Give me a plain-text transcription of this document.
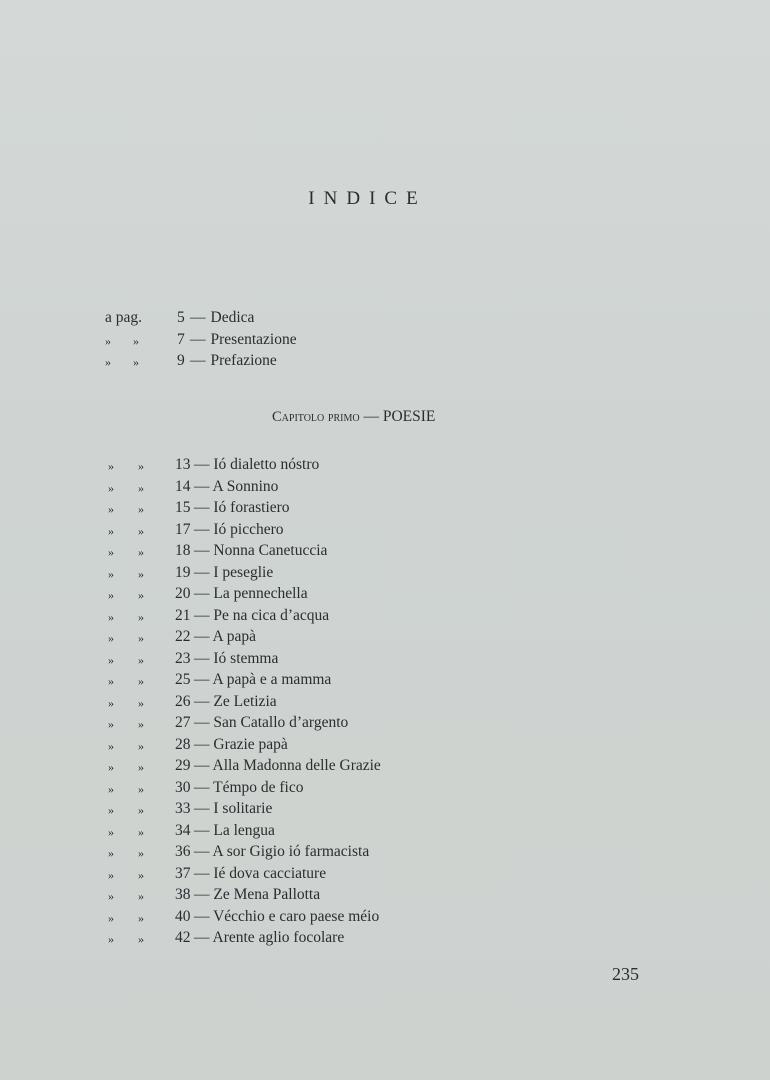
INDICE
a pag. 5 — Dedica
» » 7 — Presentazione
» » 9 — Prefazione
Capitolo primo — POESIE
» » 13 — Ió dialetto nóstro
» » 14 — A Sonnino
» » 15 — Ió forastiero
» » 17 — Ió picchero
» » 18 — Nonna Canetuccia
» » 19 — I peseglie
» » 20 — La pennechella
» » 21 — Pe na cica d’acqua
» » 22 — A papà
» » 23 — Ió stemma
» » 25 — A papà e a mamma
» » 26 — Ze Letizia
» » 27 — San Catallo d’argento
» » 28 — Grazie papà
» » 29 — Alla Madonna delle Grazie
» » 30 — Témpo de fico
» » 33 — I solitarie
» » 34 — La lengua
» » 36 — A sor Gigio ió farmacista
» » 37 — Ié dova cacciature
» » 38 — Ze Mena Pallotta
» » 40 — Vécchio e caro paese méio
» » 42 — Arente aglio focolare
235
